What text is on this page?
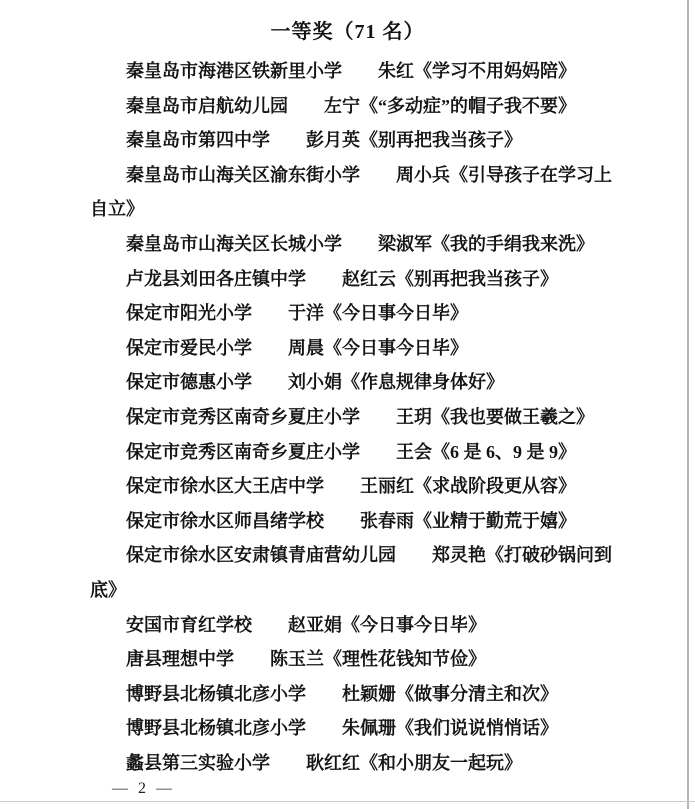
一等奖（71 名）

秦皇岛市海港区铁新里小学　　 朱红《学习不用妈妈陪》

秦皇岛市启航幼儿园　　 左宁《“多动症”的帽子我不要》

秦皇岛市第四中学　　 彭月英《别再把我当孩子》

秦皇岛市山海关区渝东街小学　　 周小兵《引导孩子在学习上自立》

秦皇岛市山海关区长城小学　　 梁淑军《我的手绢我来洗》

卢龙县刘田各庄镇中学　　 赵红云《别再把我当孩子》

保定市阳光小学　　 于洋《今日事今日毕》

保定市爱民小学　　 周晨《今日事今日毕》

保定市德惠小学　　 刘小娟《作息规律身体好》

保定市竞秀区南奇乡夏庄小学　　 王玥《我也要做王羲之》

保定市竞秀区南奇乡夏庄小学　　 王会《6 是 6、9 是 9》

保定市徐水区大王店中学　　 王丽红《求战阶段更从容》

保定市徐水区师昌绪学校　　 张春雨《业精于勤荒于嬉》

保定市徐水区安肃镇青庙营幼儿园　　 郑灵艳《打破砂锅问到底》

安国市育红学校　　 赵亚娟《今日事今日毕》

唐县理想中学　　 陈玉兰《理性花钱知节俭》

博野县北杨镇北彦小学　　 杜颖姗《做事分清主和次》

博野县北杨镇北彦小学　　 朱佩珊《我们说说悄悄话》

蠡县第三实验小学　　 耿红红《和小朋友一起玩》

— 2 —
